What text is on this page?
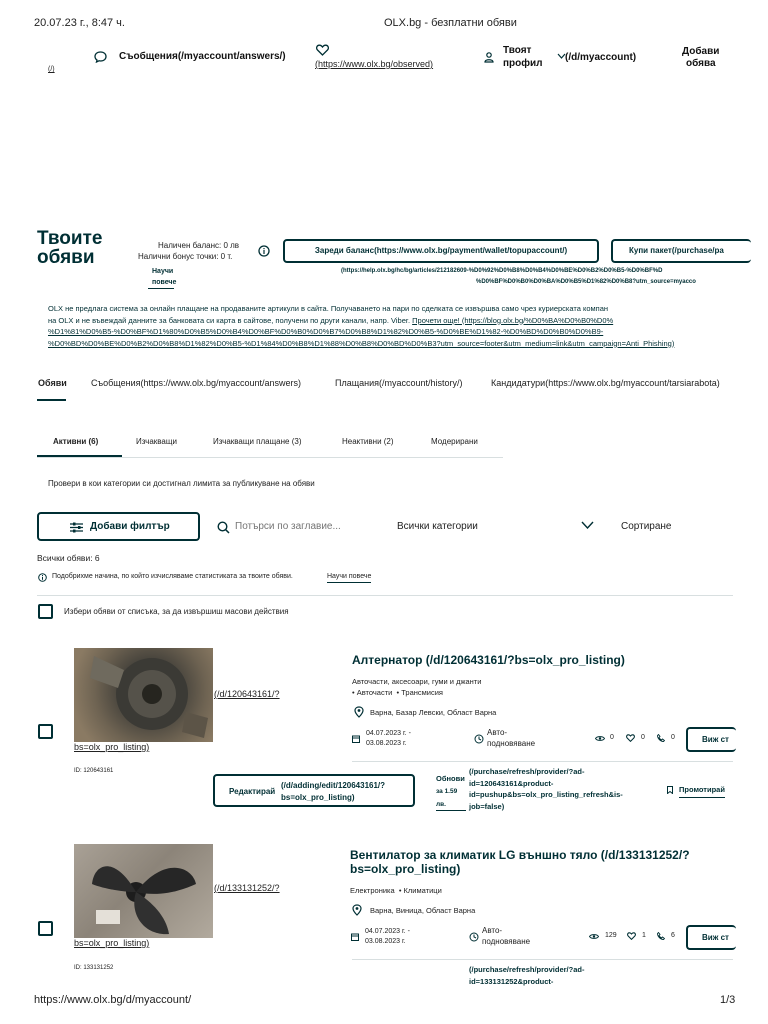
20.07.23 г., 8:47 ч.	OLX.bg - безплатни обяви
(/)
Съобщения(/myaccount/answers/)
(https://www.olx.bg/observed)
Твоят
профил
(/d/myaccount)
Добави
обява
Твоите
обяви
Наличен баланс: 0 лв
Налични бонус точки: 0 т.
Научи
повече
Зареди баланс(https://www.olx.bg/payment/wallet/topupaccount/)	Купи пакет(/purchase/pa
(https://help.olx.bg/hc/bg/articles/212182609-%D0%92%D0%B8%D0%B4%D0%BE%D0%B2%D0%B5-%D0%BF%D
%D0%BF%D0%B0%D0%BA%D0%B5%D1%82%D0%B8?utm_source=myacco
OLX не предлага система за онлайн плащане на продаваните артикули в сайта. Получаването на пари по сделката се извършва само чрез куриерската компан
на OLX и не въвеждай данните за банковата си карта в сайтове, получени по други канали, напр. Viber. Прочети още! (https://blog.olx.bg/%D0%BA%D0%B0%D0%
%D1%81%D0%B5-%D0%BF%D1%80%D0%B5%D0%B4%D0%BF%D0%B0%D0%B7%D0%B8%D1%82%D0%B5-%D0%BE%D1%82-%D0%BD%D0%B0%D0%B9-
%D0%BD%D0%BE%D0%B2%D0%B8%D1%82%D0%B5-%D1%84%D0%B8%D1%88%D0%B8%D0%BD%D0%B3?utm_source=footer&utm_medium=link&utm_campaign=Anti_Phishing)
Обяви	Съобщения(https://www.olx.bg/myaccount/answers)	Плащания(/myaccount/history/)	Кандидатури(https://www.olx.bg/myaccount/tarsiarabota)
Активни (6)	Изчакващи	Изчакващи плащане (3)	Неактивни (2)	Модерирани
Провери в кои категории си достигнал лимита за публикуване на обяви
Добави филтър
Потърси по заглавие...	Всички категории	Сортиране
Всички обяви: 6
Подобрихме начина, по който изчисляваме статистиката за твоите обяви.	Научи повече
Избери обяви от списъка, за да извършиш масови действия
(/d/120643161/?
bs=olx_pro_listing)
Алтернатор (/d/120643161/?bs=olx_pro_listing)
Авточасти, аксесоари, гуми и джанти
• Авточасти  • Трансмисия
Варна, Базар Левски, Област Варна
04.07.2023 г. -
03.08.2023 г.
Авто-
подновяване
0	0	0	Виж ст
ID: 120643161
Редактирай
(/d/adding/edit/120643161/?
bs=olx_pro_listing)
Обнови
за 1.59
лв.
(/purchase/refresh/provider/?ad-
id=120643161&product-
id=pushup&bs=olx_pro_listing_refresh&is-
job=false)
Промотирай
(/d/133131252/?
bs=olx_pro_listing)
Вентилатор за климатик LG външно тяло (/d/133131252/?
bs=olx_pro_listing)
Електроника  • Климатици
Варна, Виница, Област Варна
04.07.2023 г. -
03.08.2023 г.
Авто-
подновяване
129	1	6	Виж ст
ID: 133131252	(/purchase/refresh/provider/?ad-
id=133131252&product-
https://www.olx.bg/d/myaccount/	1/3
